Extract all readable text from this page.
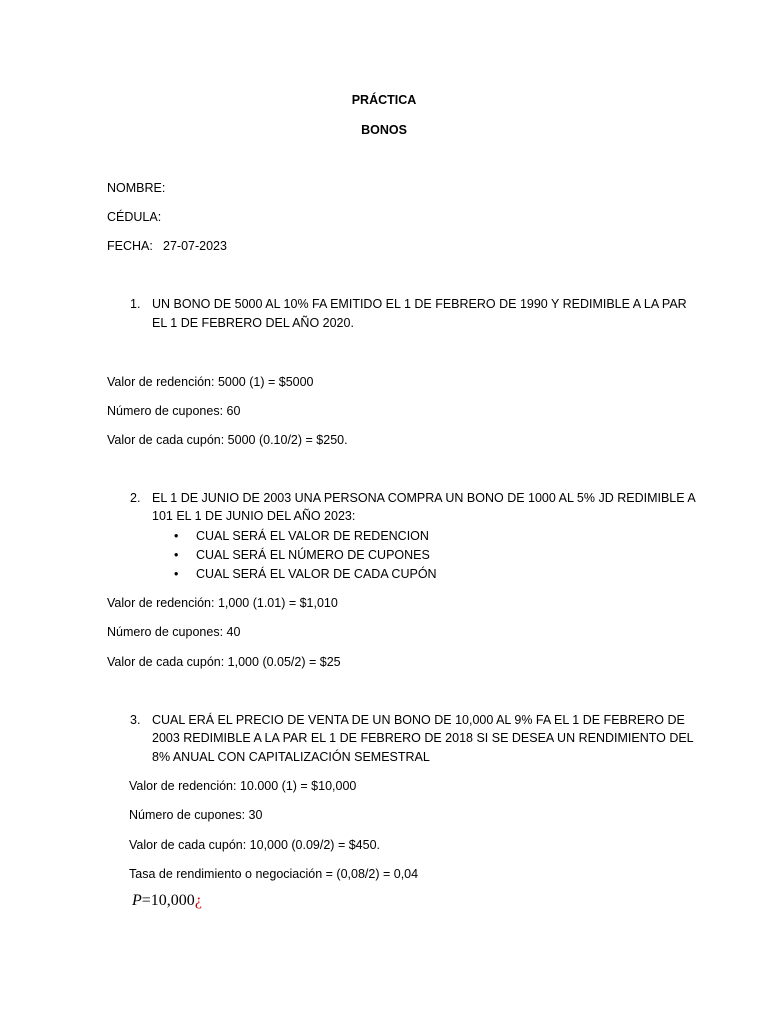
PRÁCTICA
BONOS
NOMBRE:
CÉDULA:
FECHA: 27-07-2023
1. UN BONO DE 5000 AL 10% FA EMITIDO EL 1 DE FEBRERO DE 1990 Y REDIMIBLE A LA PAR
EL 1 DE FEBRERO DEL AÑO 2020.
Valor de redención: 5000 (1) = $5000
Número de cupones: 60
Valor de cada cupón: 5000 (0.10/2) = $250.
2. EL 1 DE JUNIO DE 2003 UNA PERSONA COMPRA UN BONO DE 1000 AL 5% JD REDIMIBLE A
101 EL 1 DE JUNIO DEL AÑO 2023:
• CUAL SERÁ EL VALOR DE REDENCION
• CUAL SERÁ EL NÚMERO DE CUPONES
• CUAL SERÁ EL VALOR DE CADA CUPÓN
Valor de redención: 1,000 (1.01) = $1,010
Número de cupones: 40
Valor de cada cupón: 1,000 (0.05/2) = $25
3. CUAL ERÁ EL PRECIO DE VENTA DE UN BONO DE 10,000 AL 9% FA EL 1 DE FEBRERO DE
2003 REDIMIBLE A LA PAR EL 1 DE FEBRERO DE 2018 SI SE DESEA UN RENDIMIENTO DEL
8% ANUAL CON CAPITALIZACIÓN SEMESTRAL
Valor de redención: 10.000 (1) = $10,000
Número de cupones: 30
Valor de cada cupón: 10,000 (0.09/2) = $450.
Tasa de rendimiento o negociación = (0,08/2) = 0,04
P=10,000¿
